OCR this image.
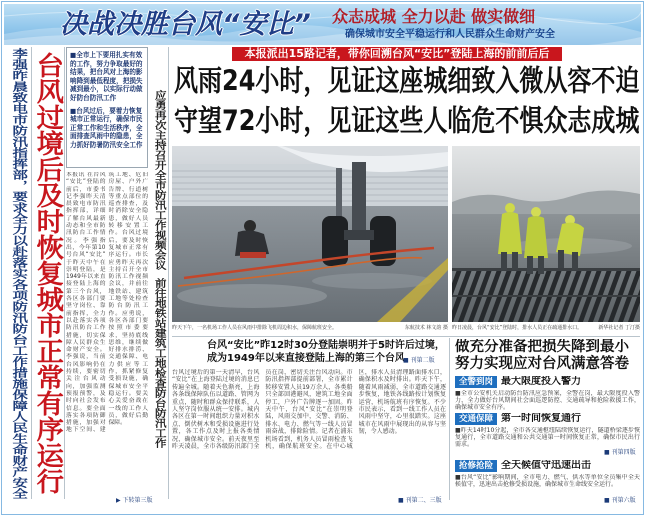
决战决胜台风“安比” 众志成城 全力以赴 做实做细
确保城市安全平稳运行和人民群众生命财产安全
李强昨晨致电市防汛指挥部，要求全力以赴落实各项防汛防台工作措施保障人民生命财产安全 台风过境后及时恢复城市正常有序运行 ■全市上下要用扎实有效的工作，努力争取最好的结果，把台风对上海的影响降到最低程度，把损失减到最小，以实际行动做好防台防汛工作

■台风过后，要着力恢复城市正常运行，确保市民正常工作和生活秩序，全面排查风雨中的隐患，全力抓好防暑防汛安全工作 应勇再次主持召开全市防汛工作视频会议
前往地铁站建筑工地检查防台防汛工作
本报讯 在台风“安比”登陆的前后，市委书记李强昨天清晨致电市防汛指挥部，详细了解台风最新动态和全市防汛防台工作情况。李强指出，今年第10号台风“安比”于昨天中午在崇明登陆，是1949年以来直接登陆上海的第三个台风，各区各部门要坚守岗位、靠前指挥，全力以赴落实各项防汛防台工作措施，切实保障人民群众生命财产安全。李强说，当前台风影响仍在持续，要密切关注台风动向，加强监测预报预警，及时向社会发布信息。要全面落实各项防御措施，加强对地下空间、建筑工地、危旧房屋、户外广告牌、行道树等重点部位的巡查排查，及时消除安全隐患，做好人员转移安置工作。台风过境后，要及时恢复城市正常有序运行。市长应勇昨天再次主持召开全市防汛工作视频会议，并前往地铁站、建筑工地等处检查防台防汛工作。应勇说，各区各部门要按照市委要求，坚持底线思维，继续做好排水排涝、交通保障、电力供应等工作，抓紧修复受损设施，确保城市安全平稳运行。要关心关爱奋战在一线的工作人员，做好后勤保障。
▶ 下转第三版
本报派出15路记者，带你回溯台风“安比”登陆上海的前前后后
风雨24小时，见证这座城细致入微从容不迫
守望72小时，见证这些人临危不惧众志成城
昨天下午，一名机场工作人员在风雨中排除飞机周边积水，保障航班安全。	东航技术 林文韵 摄 昨日凌晨，台风“安比”登陆时，排水人员正在疏通排水口。	新华社记者 丁汀摄
台风“安比”昨12时30分登陆崇明并于5时许后过境，成为1949年以来直接登陆上海的第三个台风
■ 刊第二版
台风过境后的第一天清早，台风“安比”在上海登陆过境的消息已传遍全城。随着天色渐亮，上海各条线保障队伍以道路、管网为重点，随时和群众保持联系，人人坚守岗位服从统一安排。城内各区在第一时间组织力量对积水点、倒伏树木和受损设施进行处置，各工作点及时上报各类情况，确保城市安全。前天夜里至昨天凌晨，全市各级防汛部门全员在岗，密切关注台风动向。市防汛指挥部提前部署，全市累计转移安置人员19万余人，各类船只全部回港避风，建筑工地全面停工，户外广告牌逐一加固。昨天中午，台风“安比”在崇明登陆，风雨交加中，交警、消防、排水、电力、燃气等一线人员冒雨奋战，排除险情。记者在浦东机场看到，机务人员冒雨检查飞机，确保航班安全。在中心城区，排水人员清理路面排水口，确保积水及时排出。昨天下午，随着风雨减弱，全市道路交通逐步恢复，地铁各线路按计划恢复运营，机场航班有序恢复。不少市民表示，看到一线工作人员在风雨中坚守，心里很踏实。这座城市在风雨中展现出的从容与坚韧，令人感动。
■ 刊第二、三版
做充分准备把损失降到最小
努力实现应对台风满意答卷
全警到岗 最大限度投入警力
■全市公安机关启动防台防汛应急预案，全警在岗，最大限度投入警力，全力做好台风期间社会面巡逻防控、交通疏导和抢险救援工作，确保城市安全有序。
交通保障 第一时间恢复通行
■昨天14时10分起，全市各交通枢纽陆续恢复运行，隧道桥梁逐步恢复通行，全市道路交通和公共交通第一时间恢复正常，确保市民出行需求。
■ 刊第四版
抢修抢险 全天候值守迅速出击
■台风“安比”影响期间，全市电力、燃气、供水等单位全员集中全天候值守，迅速出击抢修受损设施，确保城市生命线安全运行。
■ 刊第六版
